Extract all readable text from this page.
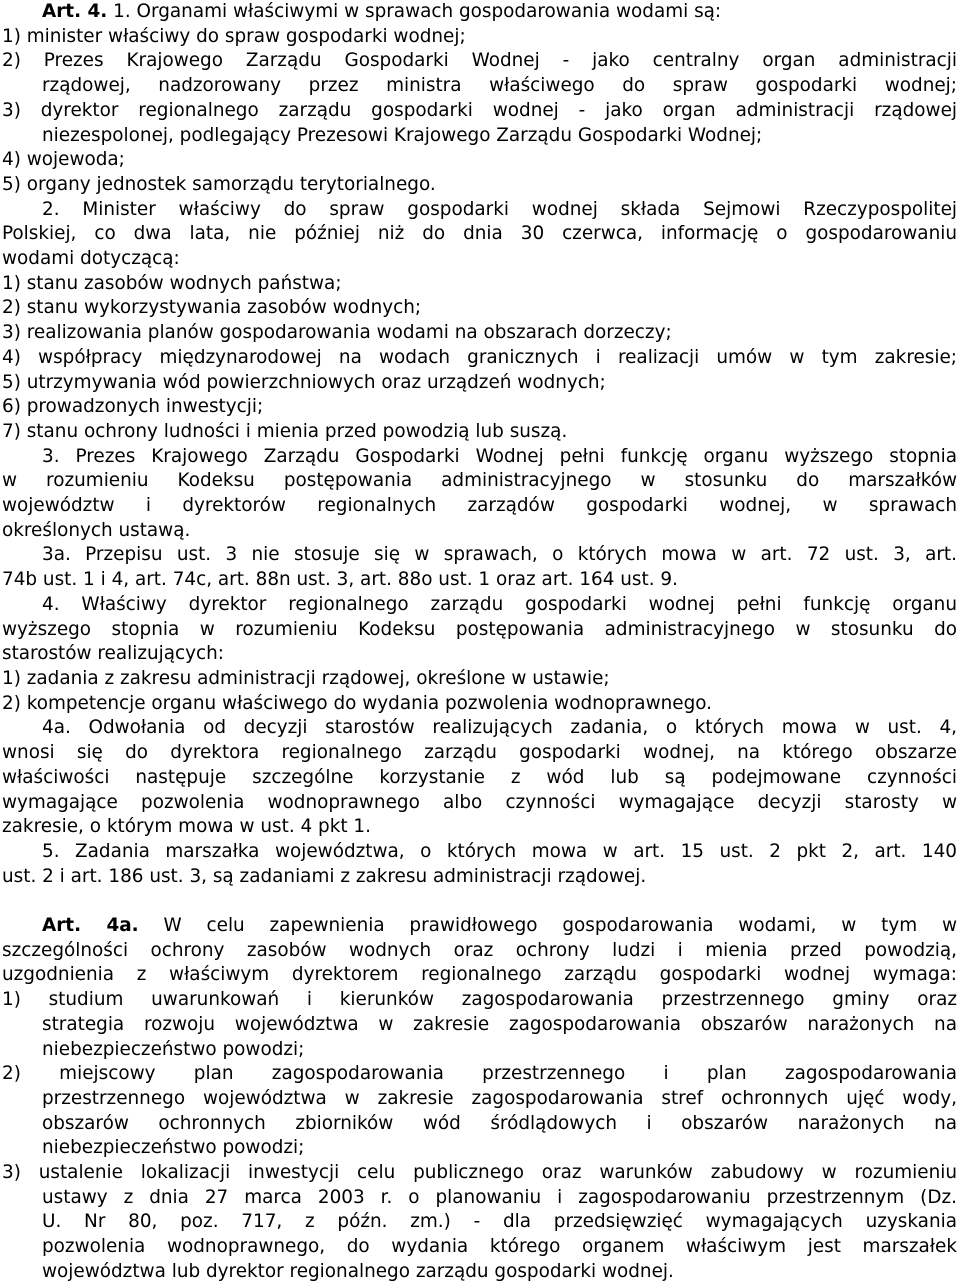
Art. 4. 1. Organami właściwymi w sprawach gospodarowania wodami są:
1) minister właściwy do spraw gospodarki wodnej;
2) Prezes Krajowego Zarządu Gospodarki Wodnej - jako centralny organ administracji
rządowej, nadzorowany przez ministra właściwego do spraw gospodarki wodnej;
3) dyrektor regionalnego zarządu gospodarki wodnej - jako organ administracji rządowej
niezespolonej, podlegający Prezesowi Krajowego Zarządu Gospodarki Wodnej;
4) wojewoda;
5) organy jednostek samorządu terytorialnego.
2. Minister właściwy do spraw gospodarki wodnej składa Sejmowi Rzeczypospolitej
Polskiej, co dwa lata, nie później niż do dnia 30 czerwca, informację o gospodarowaniu
wodami dotyczącą:
1) stanu zasobów wodnych państwa;
2) stanu wykorzystywania zasobów wodnych;
3) realizowania planów gospodarowania wodami na obszarach dorzeczy;
4) współpracy międzynarodowej na wodach granicznych i realizacji umów w tym zakresie;
5) utrzymywania wód powierzchniowych oraz urządzeń wodnych;
6) prowadzonych inwestycji;
7) stanu ochrony ludności i mienia przed powodzią lub suszą.
3. Prezes Krajowego Zarządu Gospodarki Wodnej pełni funkcję organu wyższego stopnia
w rozumieniu Kodeksu postępowania administracyjnego w stosunku do marszałków
województw i dyrektorów regionalnych zarządów gospodarki wodnej, w sprawach
określonych ustawą.
3a. Przepisu ust. 3 nie stosuje się w sprawach, o których mowa w art. 72 ust. 3, art.
74b ust. 1 i 4, art. 74c, art. 88n ust. 3, art. 88o ust. 1 oraz art. 164 ust. 9.
4. Właściwy dyrektor regionalnego zarządu gospodarki wodnej pełni funkcję organu
wyższego stopnia w rozumieniu Kodeksu postępowania administracyjnego w stosunku do
starostów realizujących:
1) zadania z zakresu administracji rządowej, określone w ustawie;
2) kompetencje organu właściwego do wydania pozwolenia wodnoprawnego.
4a. Odwołania od decyzji starostów realizujących zadania, o których mowa w ust. 4,
wnosi się do dyrektora regionalnego zarządu gospodarki wodnej, na którego obszarze
właściwości następuje szczególne korzystanie z wód lub są podejmowane czynności
wymagające pozwolenia wodnoprawnego albo czynności wymagające decyzji starosty w
zakresie, o którym mowa w ust. 4 pkt 1.
5. Zadania marszałka województwa, o których mowa w art. 15 ust. 2 pkt 2, art. 140
ust. 2 i art. 186 ust. 3, są zadaniami z zakresu administracji rządowej.
Art. 4a. W celu zapewnienia prawidłowego gospodarowania wodami, w tym w
szczególności ochrony zasobów wodnych oraz ochrony ludzi i mienia przed powodzią,
uzgodnienia z właściwym dyrektorem regionalnego zarządu gospodarki wodnej wymaga:
1) studium uwarunkowań i kierunków zagospodarowania przestrzennego gminy oraz
strategia rozwoju województwa w zakresie zagospodarowania obszarów narażonych na
niebezpieczeństwo powodzi;
2) miejscowy plan zagospodarowania przestrzennego i plan zagospodarowania
przestrzennego województwa w zakresie zagospodarowania stref ochronnych ujęć wody,
obszarów ochronnych zbiorników wód śródlądowych i obszarów narażonych na
niebezpieczeństwo powodzi;
3) ustalenie lokalizacji inwestycji celu publicznego oraz warunków zabudowy w rozumieniu
ustawy z dnia 27 marca 2003 r. o planowaniu i zagospodarowaniu przestrzennym (Dz.
U. Nr 80, poz. 717, z późn. zm.) - dla przedsięwzięć wymagających uzyskania
pozwolenia wodnoprawnego, do wydania którego organem właściwym jest marszałek
województwa lub dyrektor regionalnego zarządu gospodarki wodnej.
